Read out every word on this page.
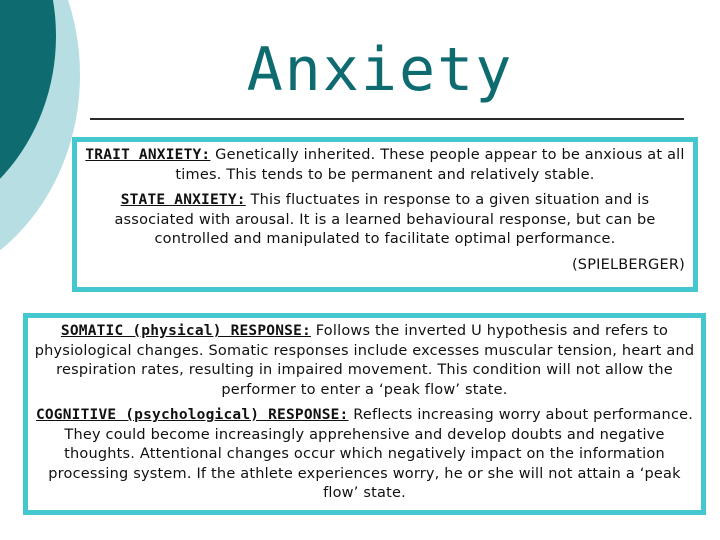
Anxiety

TRAIT ANXIETY: Genetically inherited. These people appear to be anxious at all times. This tends to be permanent and relatively stable.

STATE ANXIETY: This fluctuates in response to a given situation and is associated with arousal. It is a learned behavioural response, but can be controlled and manipulated to facilitate optimal performance.

(SPIELBERGER)

SOMATIC (physical) RESPONSE: Follows the inverted U hypothesis and refers to physiological changes. Somatic responses include excesses muscular tension, heart and respiration rates, resulting in impaired movement. This condition will not allow the performer to enter a ‘peak flow’ state.

COGNITIVE (psychological) RESPONSE: Reflects increasing worry about performance. They could become increasingly apprehensive and develop doubts and negative thoughts. Attentional changes occur which negatively impact on the information processing system. If the athlete experiences worry, he or she will not attain a ‘peak flow’ state.
